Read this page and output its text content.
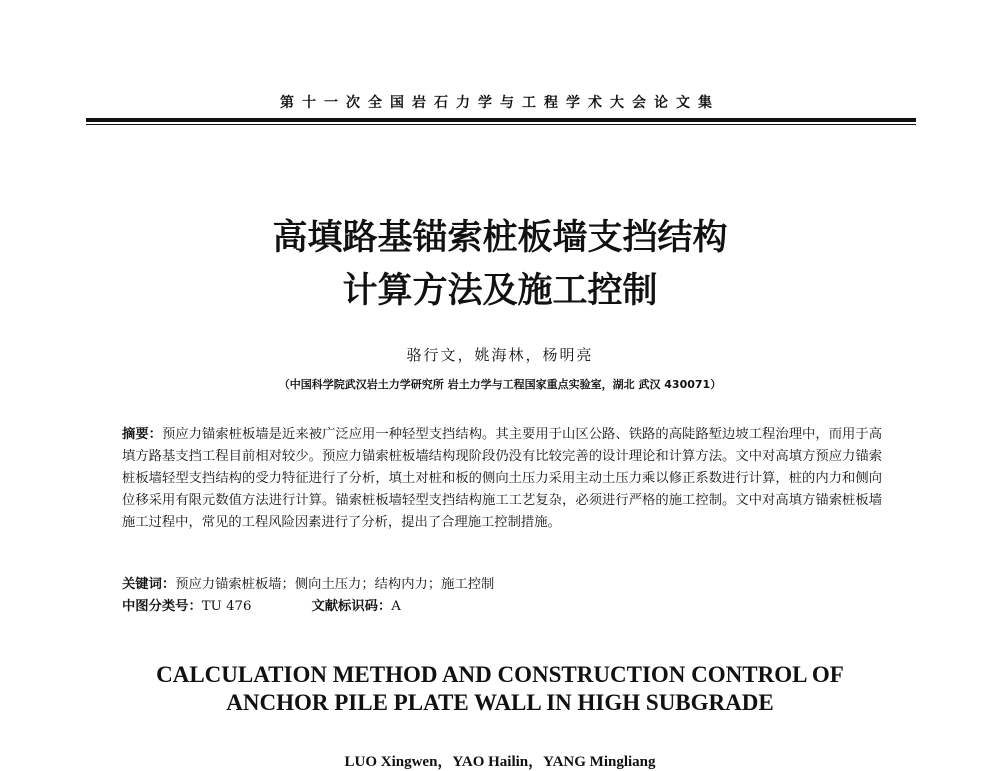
第十一次全国岩石力学与工程学术大会论文集
高填路基锚索桩板墙支挡结构
计算方法及施工控制
骆行文，姚海林，杨明亮
（中国科学院武汉岩土力学研究所 岩土力学与工程国家重点实验室，湖北 武汉 430071）
摘要：预应力锚索桩板墙是近来被广泛应用一种轻型支挡结构。其主要用于山区公路、铁路的高陡路堑边坡工程治理中，而用于高填方路基支挡工程目前相对较少。预应力锚索桩板墙结构现阶段仍没有比较完善的设计理论和计算方法。文中对高填方预应力锚索桩板墙轻型支挡结构的受力特征进行了分析，填土对桩和板的侧向土压力采用主动土压力乘以修正系数进行计算，桩的内力和侧向位移采用有限元数值方法进行计算。锚索桩板墙轻型支挡结构施工工艺复杂，必须进行严格的施工控制。文中对高填方锚索桩板墙施工过程中，常见的工程风险因素进行了分析，提出了合理施工控制措施。
关键词：预应力锚索桩板墙；侧向土压力；结构内力；施工控制
中图分类号：TU 476	文献标识码：A
CALCULATION METHOD AND CONSTRUCTION CONTROL OF
ANCHOR PILE PLATE WALL IN HIGH SUBGRADE
LUO Xingwen，YAO Hailin，YANG Mingliang
